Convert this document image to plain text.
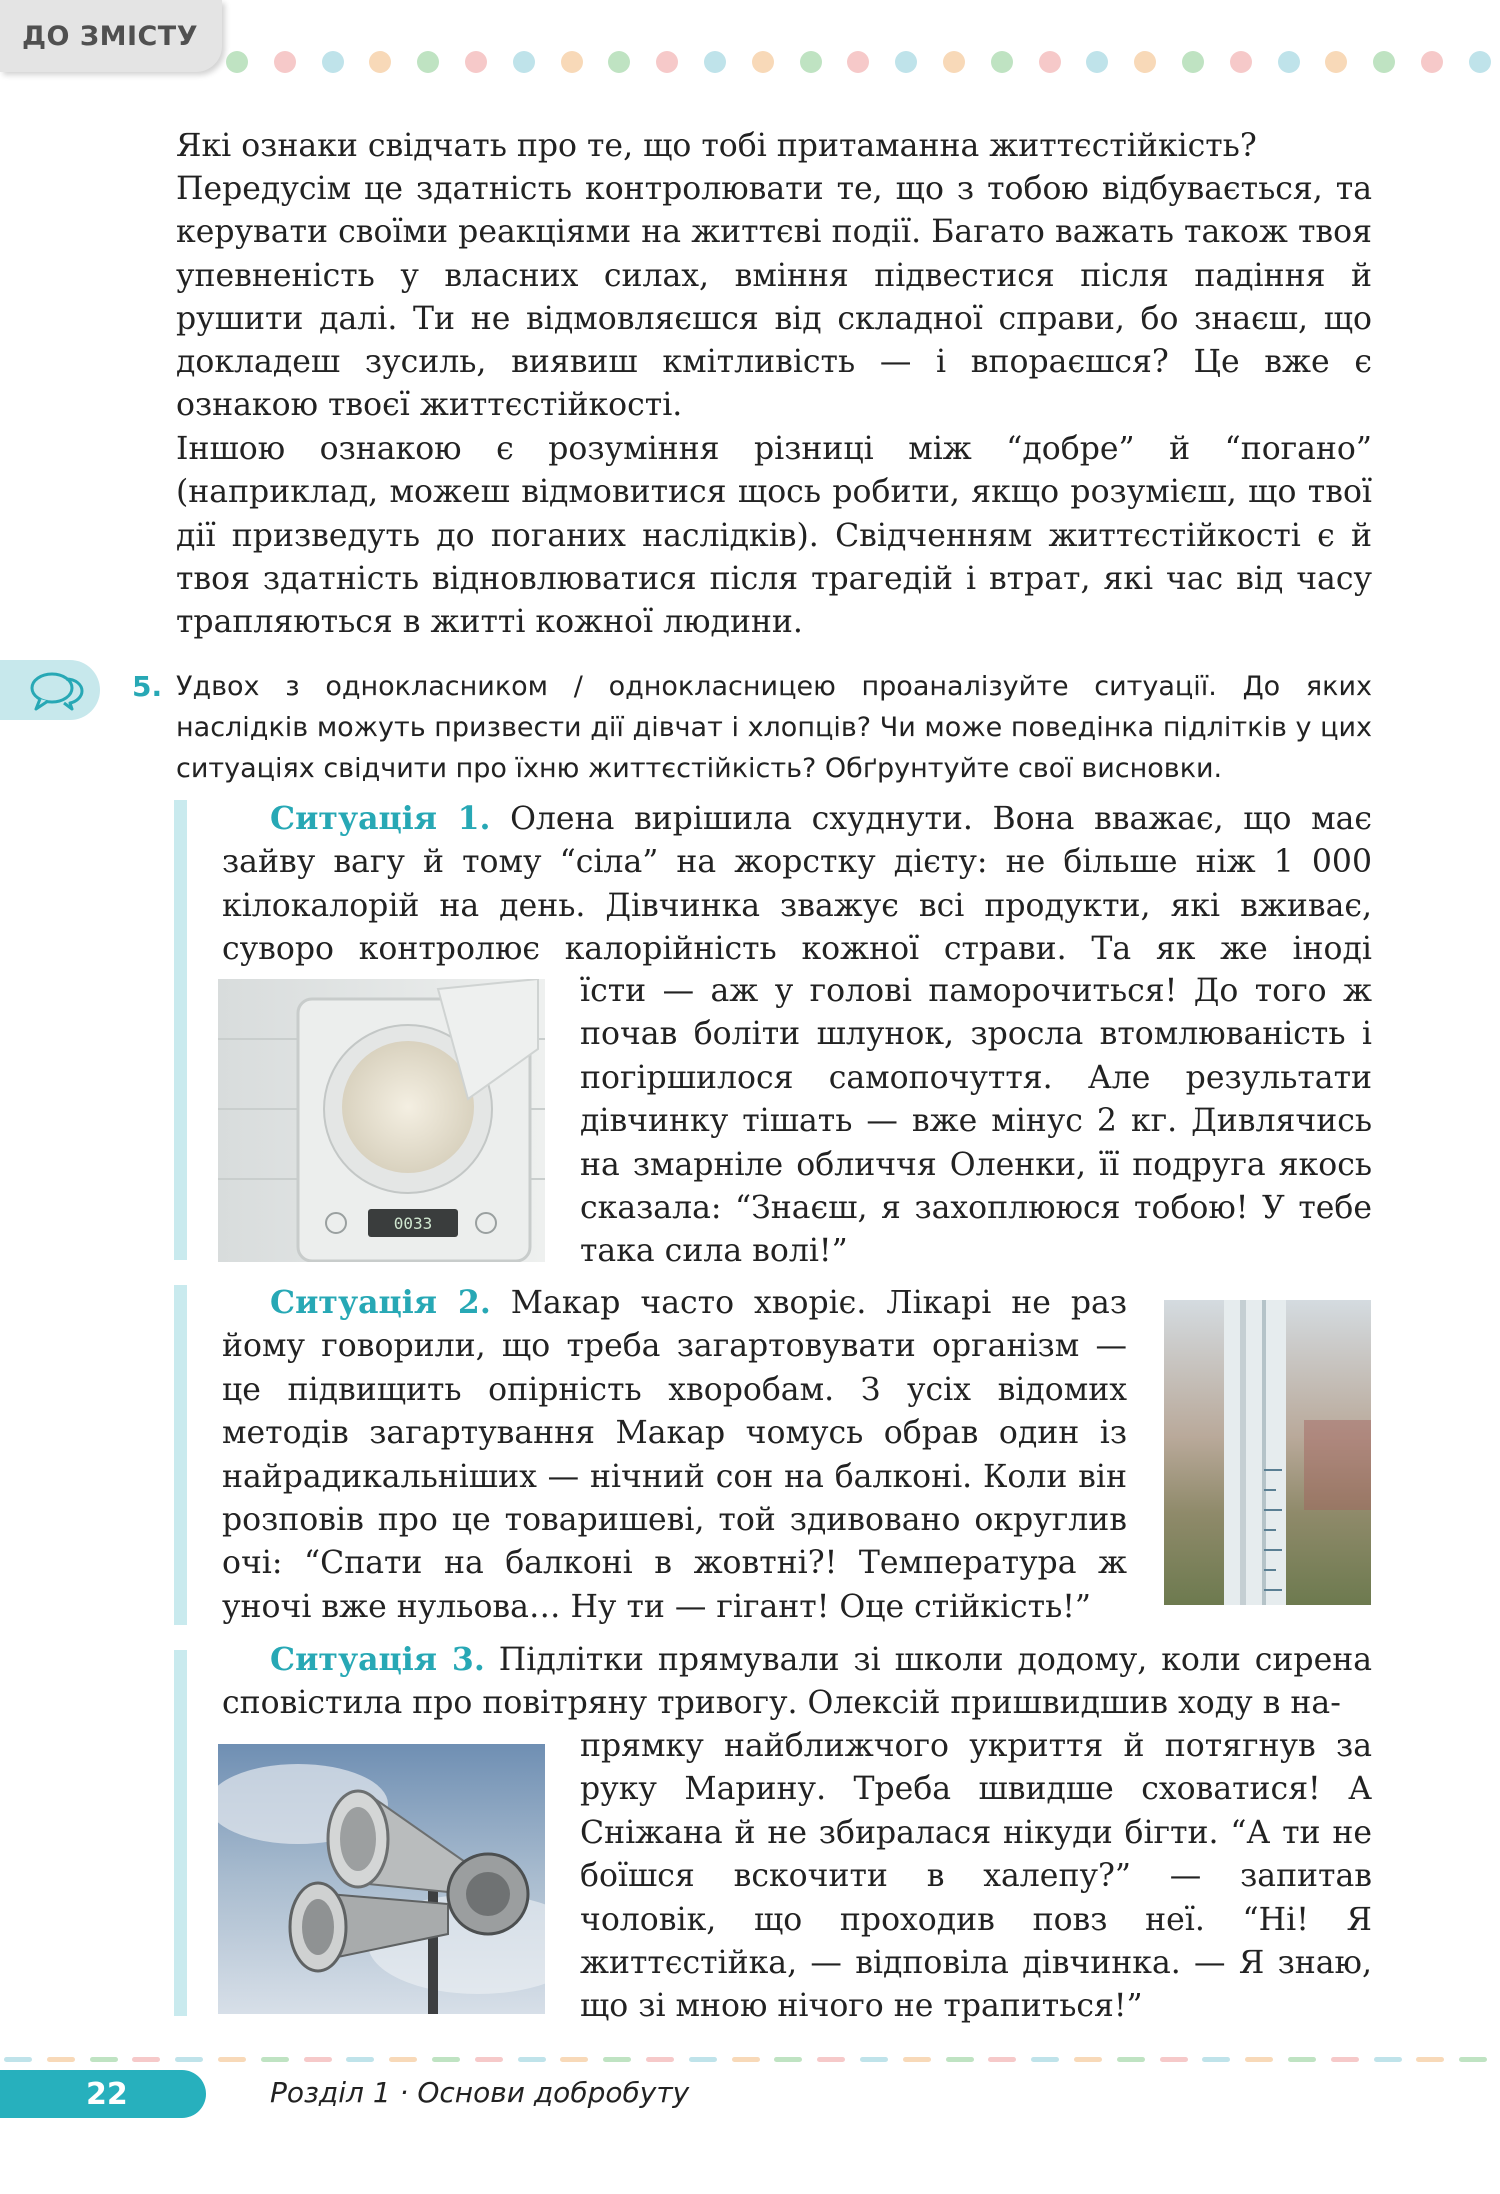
ДО ЗМІСТУ

Які ознаки свідчать про те, що тобі притаманна життєстійкість?

Передусім це здатність контролювати те, що з тобою відбувається, та керувати своїми реакціями на життєві події. Багато важать також твоя упевненість у власних силах, вміння підвестися після падіння й рушити далі. Ти не відмовляєшся від складної справи, бо знаєш, що докладеш зусиль, виявиш кмітливість — і впораєшся? Це вже є ознакою твоєї життєстійкості.

Іншою ознакою є розуміння різниці між “добре” й “погано” (наприклад, можеш відмовитися щось робити, якщо розумієш, що твої дії призведуть до поганих наслідків). Свідченням життєстійкості є й твоя здатність відновлюватися після трагедій і втрат, які час від часу трапляються в житті кожної людини.

5. Удвох з однокласником / однокласницею проаналізуйте ситуації. До яких наслідків можуть призвести дії дівчат і хлопців? Чи може поведінка підлітків у цих ситуаціях свідчити про їхню життєстійкість? Обґрунтуйте свої висновки.

Ситуація 1. Олена вирішила схуднути. Вона вважає, що має зайву вагу й тому “сіла” на жорстку дієту: не більше ніж 1 000 кілокалорій на день. Дівчинка зважує всі продукти, які вживає, суворо контролює калорійність кожної страви. Та як же іноді

0033

їсти — аж у голові паморочиться! До того ж почав боліти шлунок, зросла втомлюваність і погіршилося самопочуття. Але результати дівчинку тішать — вже мінус 2 кг. Дивлячись на змарніле обличчя Оленки, її подруга якось сказала: “Знаєш, я захоплююся тобою! У тебе така сила волі!”

Ситуація 2. Макар часто хворіє. Лікарі не раз йому говорили, що треба загартовувати організм — це підвищить опірність хворобам. З усіх відомих методів загартування Макар чомусь обрав один із найрадикальніших — нічний сон на балконі. Коли він розповів про це товаришеві, той здивовано округлив очі: “Спати на балконі в жовтні?! Температура ж уночі вже нульова… Ну ти — гігант! Оце стійкість!”

Ситуація 3. Підлітки прямували зі школи додому, коли сирена сповістила про повітряну тривогу. Олексій пришвидшив ходу в на-

прямку найближчого укриття й потягнув за руку Марину. Треба швидше сховатися! А Сніжана й не збиралася нікуди бігти. “А ти не боїшся вскочити в халепу?” — запитав чоловік, що проходив повз неї. “Ні! Я життєстійка, — відповіла дівчинка. — Я знаю, що зі мною нічого не трапиться!”

22	Розділ 1 · Основи добробуту
